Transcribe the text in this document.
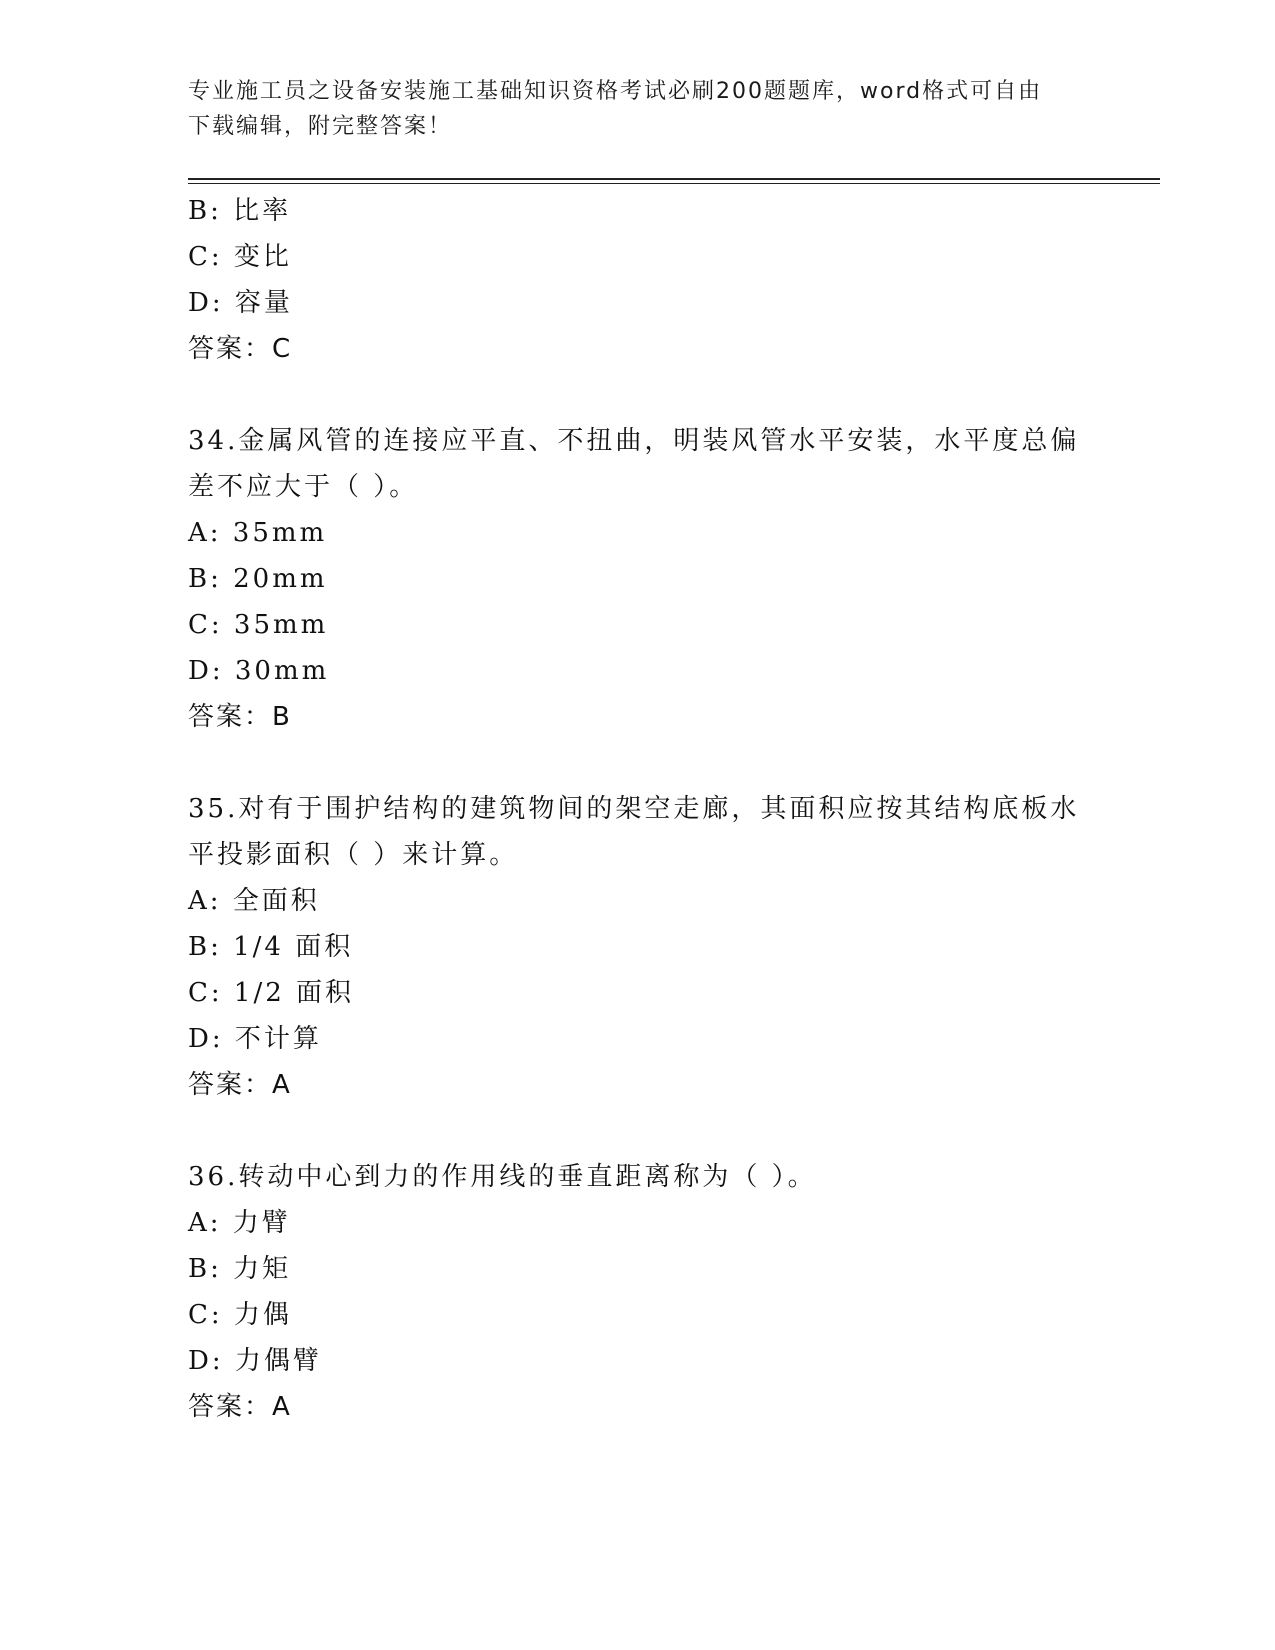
专业施工员之设备安装施工基础知识资格考试必刷200题题库，word格式可自由
下载编辑，附完整答案！
B: 比率
C: 变比
D: 容量
答案：C
34.金属风管的连接应平直、不扭曲，明装风管水平安装，水平度总偏
差不应大于（ ）。
A: 35mm
B: 20mm
C: 35mm
D: 30mm
答案：B
35.对有于围护结构的建筑物间的架空走廊，其面积应按其结构底板水
平投影面积（ ）来计算。
A: 全面积
B: 1/4 面积
C: 1/2 面积
D: 不计算
答案：A
36.转动中心到力的作用线的垂直距离称为（ ）。
A: 力臂
B: 力矩
C: 力偶
D: 力偶臂
答案：A
